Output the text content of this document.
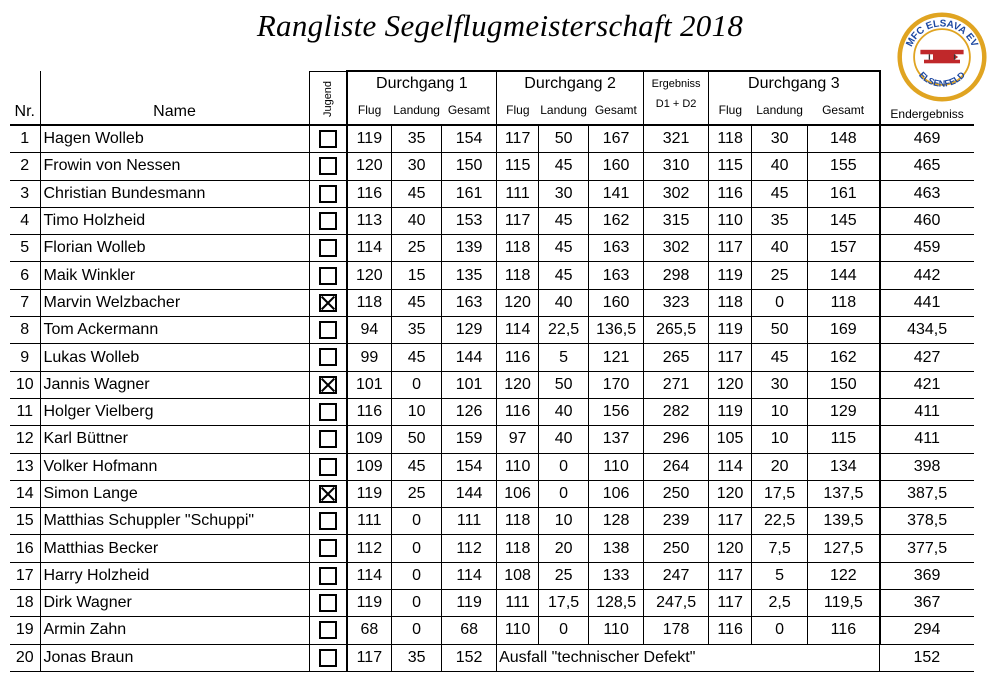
Rangliste Segelflugmeisterschaft 2018	MFC ELSAVA EV
ELSENFELD
Nr.	Name	Jugend	Durchgang 1			Durchgang 2			Ergebniss	Durchgang 3			Endergebniss
			Flug	Landung	Gesamt	Flug	Landung	Gesamt	D1 + D2	Flug	Landung	Gesamt	
1	Hagen Wolleb		119	35	154	117	50	167	321	118	30	148	469
2	Frowin von Nessen		120	30	150	115	45	160	310	115	40	155	465
3	Christian Bundesmann		116	45	161	111	30	141	302	116	45	161	463
4	Timo Holzheid		113	40	153	117	45	162	315	110	35	145	460
5	Florian Wolleb		114	25	139	118	45	163	302	117	40	157	459
6	Maik Winkler		120	15	135	118	45	163	298	119	25	144	442
7	Marvin Welzbacher		118	45	163	120	40	160	323	118	0	118	441
8	Tom Ackermann		94	35	129	114	22,5	136,5	265,5	119	50	169	434,5
9	Lukas Wolleb		99	45	144	116	5	121	265	117	45	162	427
10	Jannis Wagner		101	0	101	120	50	170	271	120	30	150	421
11	Holger Vielberg		116	10	126	116	40	156	282	119	10	129	411
12	Karl Büttner		109	50	159	97	40	137	296	105	10	115	411
13	Volker Hofmann		109	45	154	110	0	110	264	114	20	134	398
14	Simon Lange		119	25	144	106	0	106	250	120	17,5	137,5	387,5
15	Matthias Schuppler "Schuppi"		111	0	111	118	10	128	239	117	22,5	139,5	378,5
16	Matthias Becker		112	0	112	118	20	138	250	120	7,5	127,5	377,5
17	Harry Holzheid		114	0	114	108	25	133	247	117	5	122	369
18	Dirk Wagner		119	0	119	111	17,5	128,5	247,5	117	2,5	119,5	367
19	Armin Zahn		68	0	68	110	0	110	178	116	0	116	294
20	Jonas Braun		117	35	152	Ausfall "technischer Defekt"							152
